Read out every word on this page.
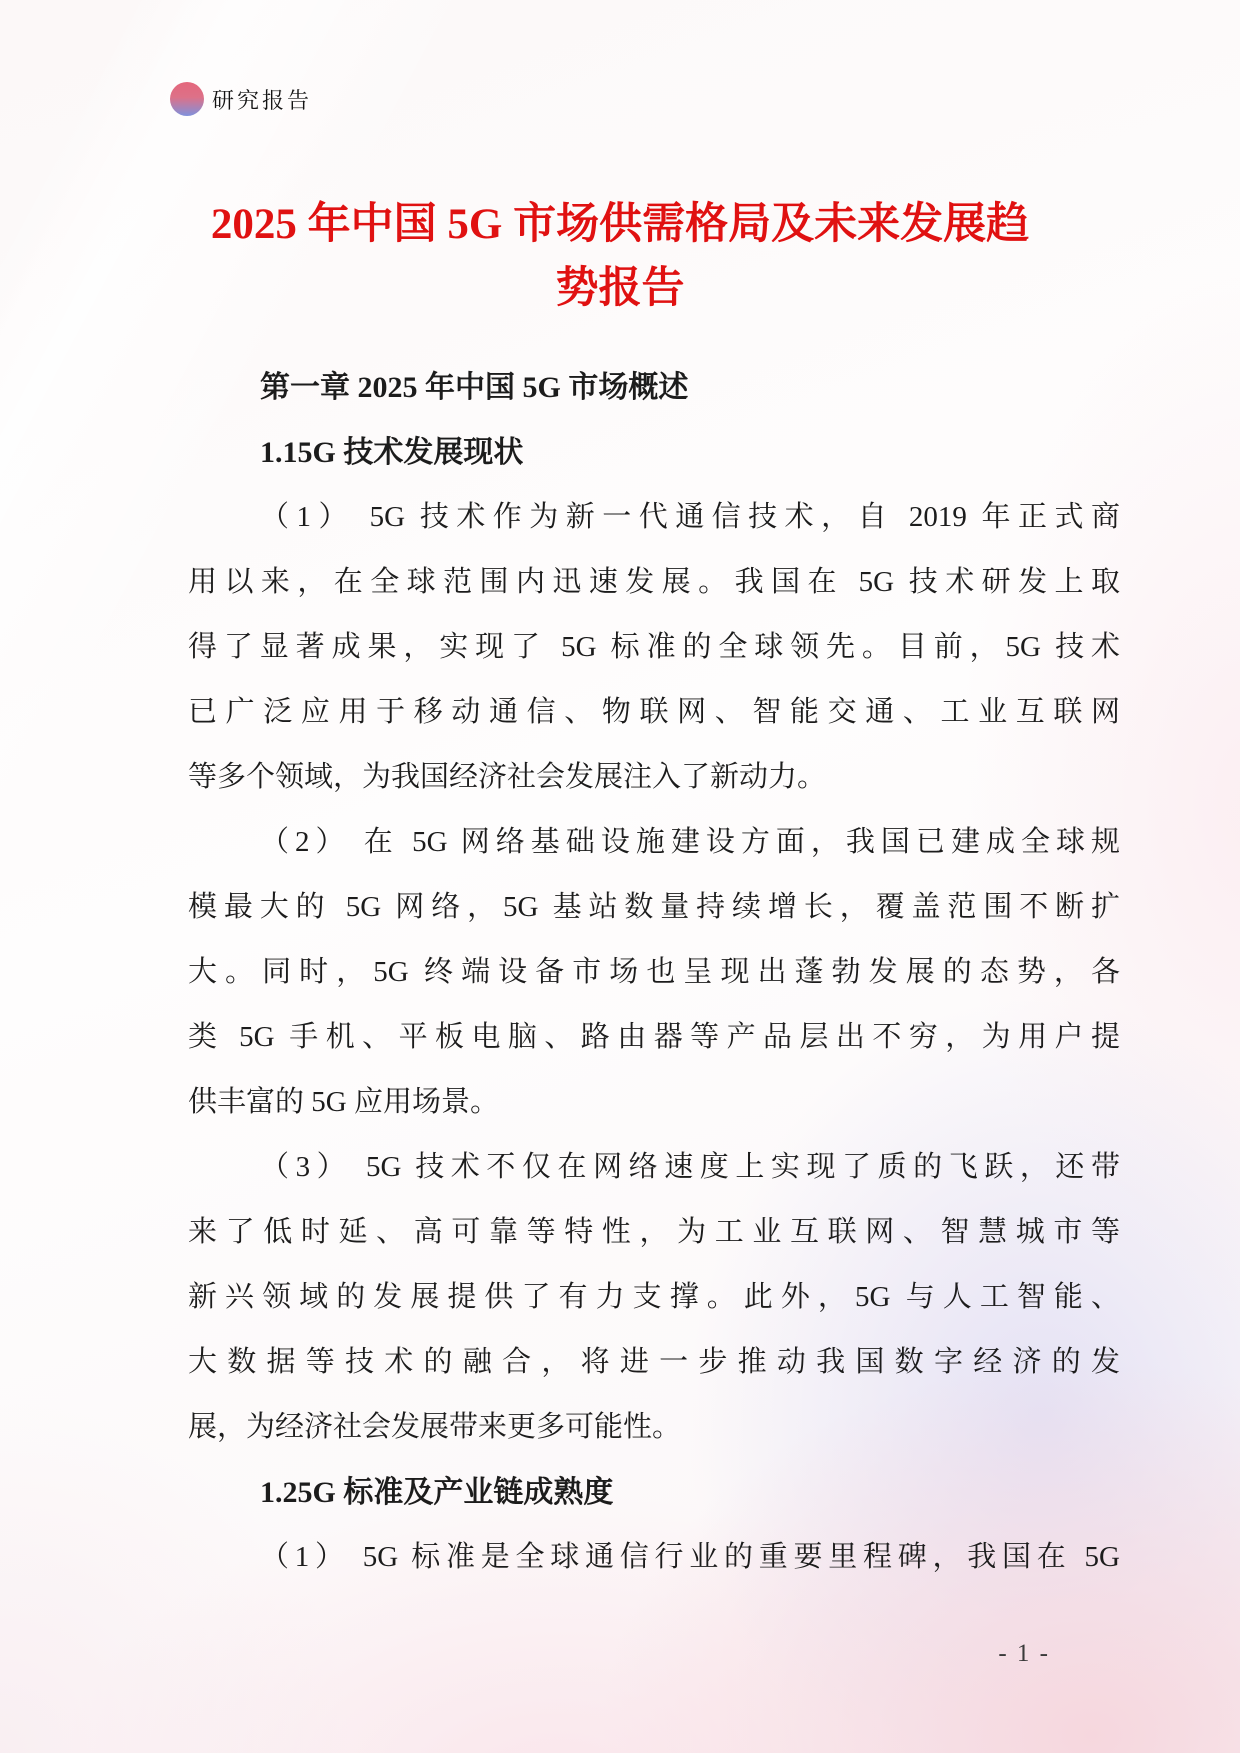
研究报告
2025 年中国 5G 市场供需格局及未来发展趋
势报告
第一章 2025 年中国 5G 市场概述
1.15G 技术发展现状
（1） 5G 技术作为新一代通信技术，自 2019 年正式商
用以来，在全球范围内迅速发展。我国在 5G 技术研发上取
得了显著成果，实现了 5G 标准的全球领先。目前，5G 技术
已广泛应用于移动通信、物联网、智能交通、工业互联网
等多个领域，为我国经济社会发展注入了新动力。
（2） 在 5G 网络基础设施建设方面，我国已建成全球规
模最大的 5G 网络，5G 基站数量持续增长，覆盖范围不断扩
大。同时，5G 终端设备市场也呈现出蓬勃发展的态势，各
类 5G 手机、平板电脑、路由器等产品层出不穷，为用户提
供丰富的 5G 应用场景。
（3） 5G 技术不仅在网络速度上实现了质的飞跃，还带
来了低时延、高可靠等特性，为工业互联网、智慧城市等
新兴领域的发展提供了有力支撑。此外，5G 与人工智能、
大数据等技术的融合，将进一步推动我国数字经济的发
展，为经济社会发展带来更多可能性。
1.25G 标准及产业链成熟度
（1） 5G 标准是全球通信行业的重要里程碑，我国在 5G
- 1 -
